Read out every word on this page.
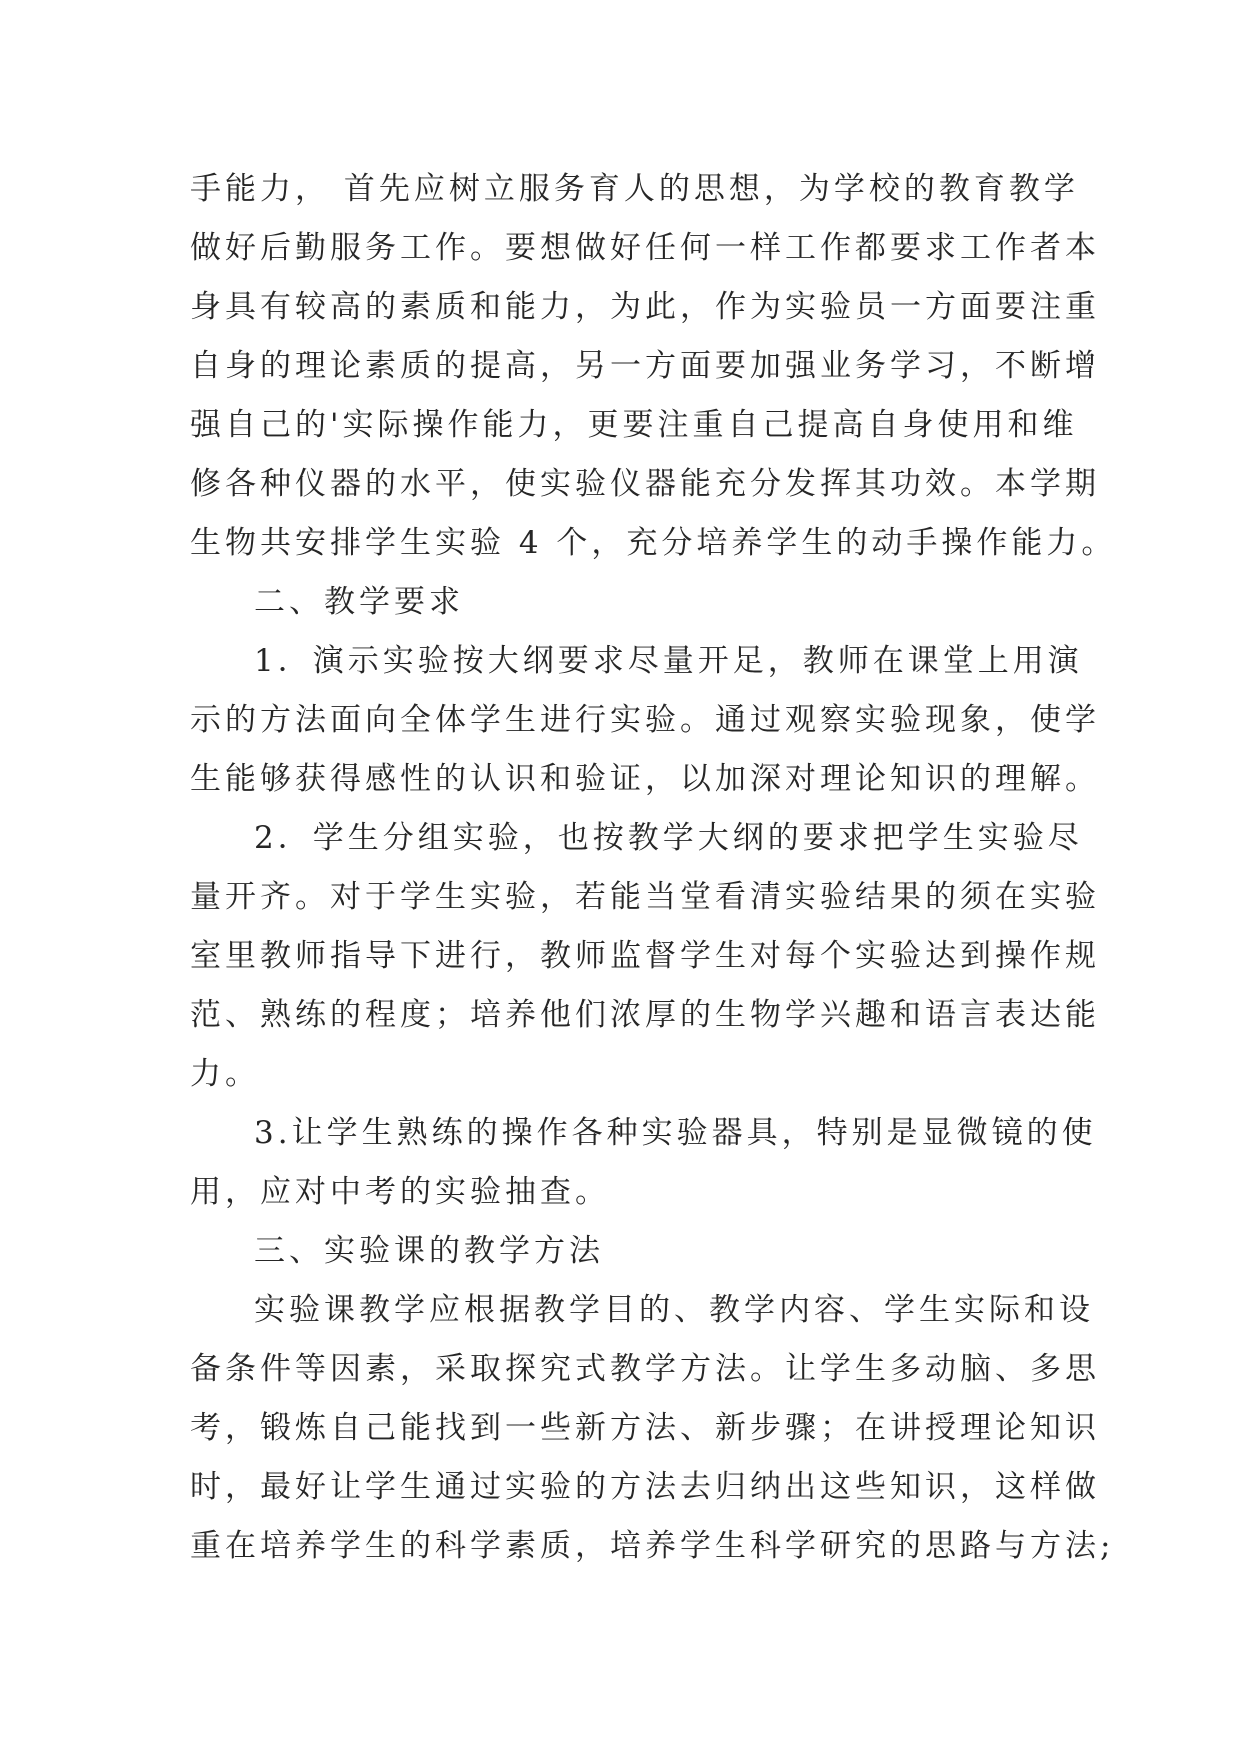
手能力， 首先应树立服务育人的思想，为学校的教育教学
做好后勤服务工作。要想做好任何一样工作都要求工作者本
身具有较高的素质和能力，为此，作为实验员一方面要注重
自身的理论素质的提高，另一方面要加强业务学习，不断增
强自己的'实际操作能力，更要注重自己提高自身使用和维
修各种仪器的水平，使实验仪器能充分发挥其功效。本学期
生物共安排学生实验 4 个，充分培养学生的动手操作能力。
二、教学要求
1．演示实验按大纲要求尽量开足，教师在课堂上用演
示的方法面向全体学生进行实验。通过观察实验现象，使学
生能够获得感性的认识和验证，以加深对理论知识的理解。
2．学生分组实验，也按教学大纲的要求把学生实验尽
量开齐。对于学生实验，若能当堂看清实验结果的须在实验
室里教师指导下进行，教师监督学生对每个实验达到操作规
范、熟练的程度；培养他们浓厚的生物学兴趣和语言表达能
力。
3.让学生熟练的操作各种实验器具，特别是显微镜的使
用，应对中考的实验抽查。
三、实验课的教学方法
实验课教学应根据教学目的、教学内容、学生实际和设
备条件等因素，采取探究式教学方法。让学生多动脑、多思
考，锻炼自己能找到一些新方法、新步骤；在讲授理论知识
时，最好让学生通过实验的方法去归纳出这些知识，这样做
重在培养学生的科学素质，培养学生科学研究的思路与方法;
